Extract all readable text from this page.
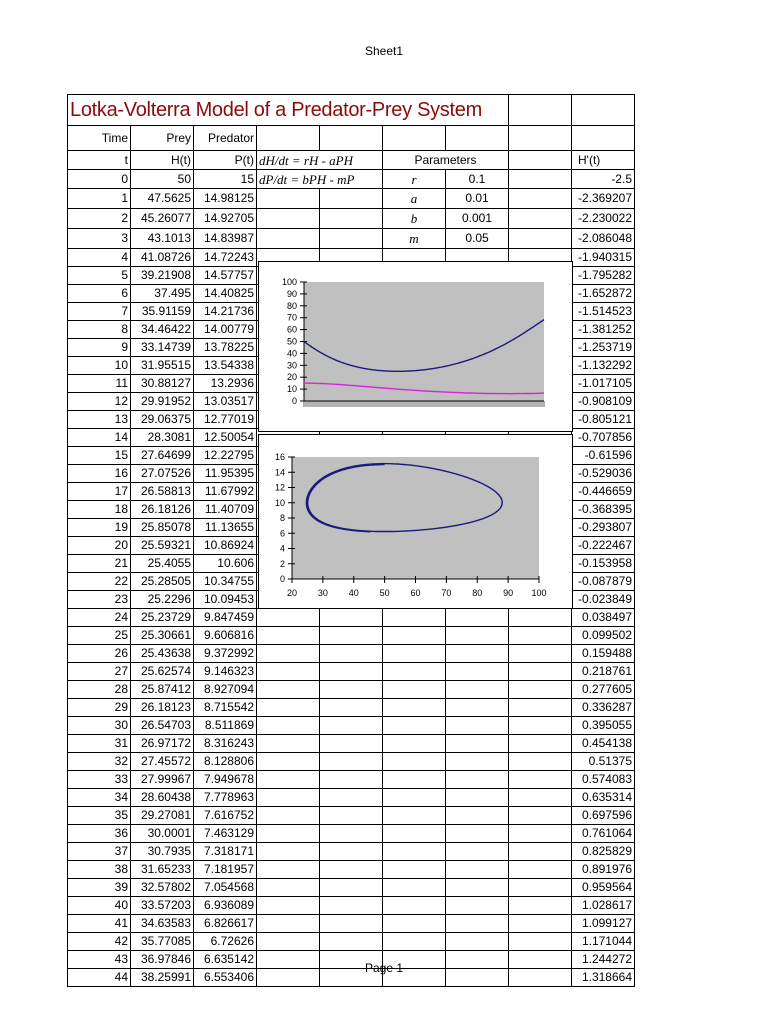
Sheet1
Lotka-Volterra Model of a Predator-Prey System								
Time	Prey	Predator						
t	H(t)	P(t)	dH/dt = rH - aPH		Parameters			H'(t)
0	50	15	dP/dt = bPH - mP		r	0.1		-2.5
1	47.5625	14.98125			a	0.01		-2.369207
2	45.26077	14.92705			b	0.001		-2.230022
3	43.1013	14.83987			m	0.05		-2.086048
4	41.08726	14.72243						-1.940315
5	39.21908	14.57757						-1.795282
6	37.495	14.40825						-1.652872
7	35.91159	14.21736						-1.514523
8	34.46422	14.00779						-1.381252
9	33.14739	13.78225						-1.253719
10	31.95515	13.54338						-1.132292
11	30.88127	13.2936						-1.017105
12	29.91952	13.03517						-0.908109
13	29.06375	12.77019						-0.805121
14	28.3081	12.50054						-0.707856
15	27.64699	12.22795						-0.61596
16	27.07526	11.95395						-0.529036
17	26.58813	11.67992						-0.446659
18	26.18126	11.40709						-0.368395
19	25.85078	11.13655						-0.293807
20	25.59321	10.86924						-0.222467
21	25.4055	10.606						-0.153958
22	25.28505	10.34755						-0.087879
23	25.2296	10.09453						-0.023849
24	25.23729	9.847459						0.038497
25	25.30661	9.606816						0.099502
26	25.43638	9.372992						0.159488
27	25.62574	9.146323						0.218761
28	25.87412	8.927094						0.277605
29	26.18123	8.715542						0.336287
30	26.54703	8.511869						0.395055
31	26.97172	8.316243						0.454138
32	27.45572	8.128806						0.51375
33	27.99967	7.949678						0.574083
34	28.60438	7.778963						0.635314
35	29.27081	7.616752						0.697596
36	30.0001	7.463129						0.761064
37	30.7935	7.318171						0.825829
38	31.65233	7.181957						0.891976
39	32.57802	7.054568						0.959564
40	33.57203	6.936089						1.028617
41	34.63583	6.826617						1.099127
42	35.77085	6.72626						1.171044
43	36.97846	6.635142						1.244272
44	38.25991	6.553406						1.318664
0
10
20
30
40
50
60
70
80
90
100
0
2
4
6
8
10
12
14
16
20 30 40 50 60 70 80 90 100
Page 1
